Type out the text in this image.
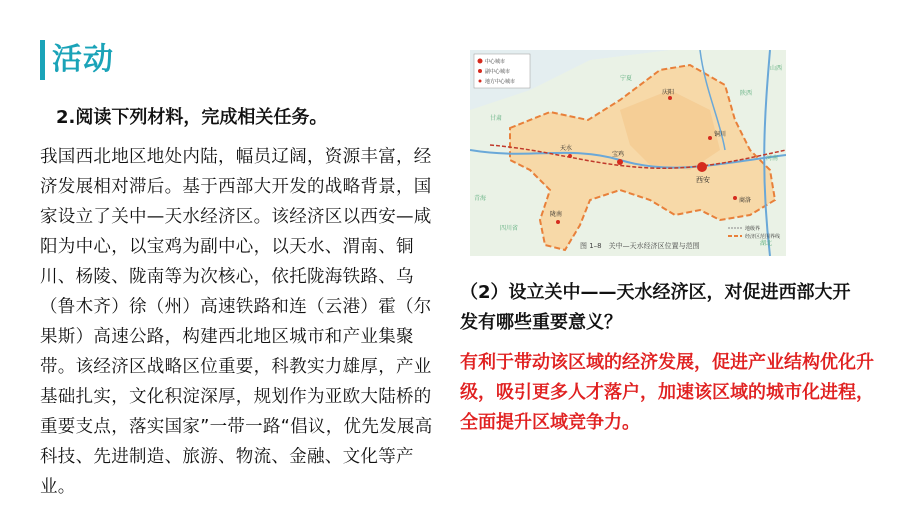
活动
2.阅读下列材料，完成相关任务。
我国西北地区地处内陆，幅员辽阔，资源丰富，经济发展相对滞后。基于西部大开发的战略背景，国家设立了关中—天水经济区。该经济区以西安—咸阳为中心，以宝鸡为副中心，以天水、渭南、铜川、杨陵、陇南等为次核心，依托陇海铁路、乌（鲁木齐）徐（州）高速铁路和连（云港）霍（尔果斯）高速公路，构建西北地区城市和产业集聚带。该经济区战略区位重要，科教实力雄厚，产业基础扎实，文化积淀深厚，规划作为亚欧大陆桥的重要支点，落实国家”一带一路“倡议，优先发展高科技、先进制造、旅游、物流、金融、文化等产业。
中心城市
副中心城市
地方中心城市
西安
天水
铜川
商洛
陇南
宝鸡
庆阳
甘肃
宁夏
陕西
山西
河南
湖北
四川省
青海
地级界
经济区范围界线
图 1–8　关中—天水经济区位置与范围
（2）设立关中——天水经济区，对促进西部大开发有哪些重要意义？
有利于带动该区域的经济发展，促进产业结构优化升级，吸引更多人才落户，加速该区域的城市化进程，全面提升区域竞争力。
